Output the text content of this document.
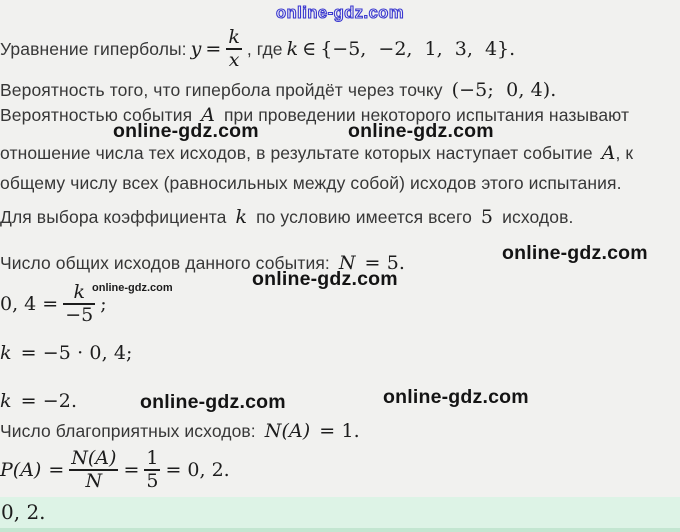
online-gdz.com
Уравнение гиперболы: $y = \frac{k}{x}$ , где k ∈ {−5,  −2,  1,  3,  4}.
Вероятность того, что гипербола пройдёт через точку (−5;  0, 4).
Вероятностью события A при проведении некоторого испытания называют
online-gdz.com	online-gdz.com
отношение числа тех исходов, в результате которых наступает событие A, к
общему числу всех (равносильных между собой) исходов этого испытания.
Для выбора коэффициента k по условию имеется всего 5 исходов.
online-gdz.com
Число общих исходов данного события: N = 5.
online-gdz.com
0, $4 = \frac{k}{-5}$ ;
online-gdz.com
k = −5 · 0, 4;
k = −2.	online-gdz.com	online-gdz.com
Число благоприятных исходов: N(A) = 1.
$P(A) = \frac{N(A)}{N} = \frac{1}{5} = 0$, 2.
0, 2.
